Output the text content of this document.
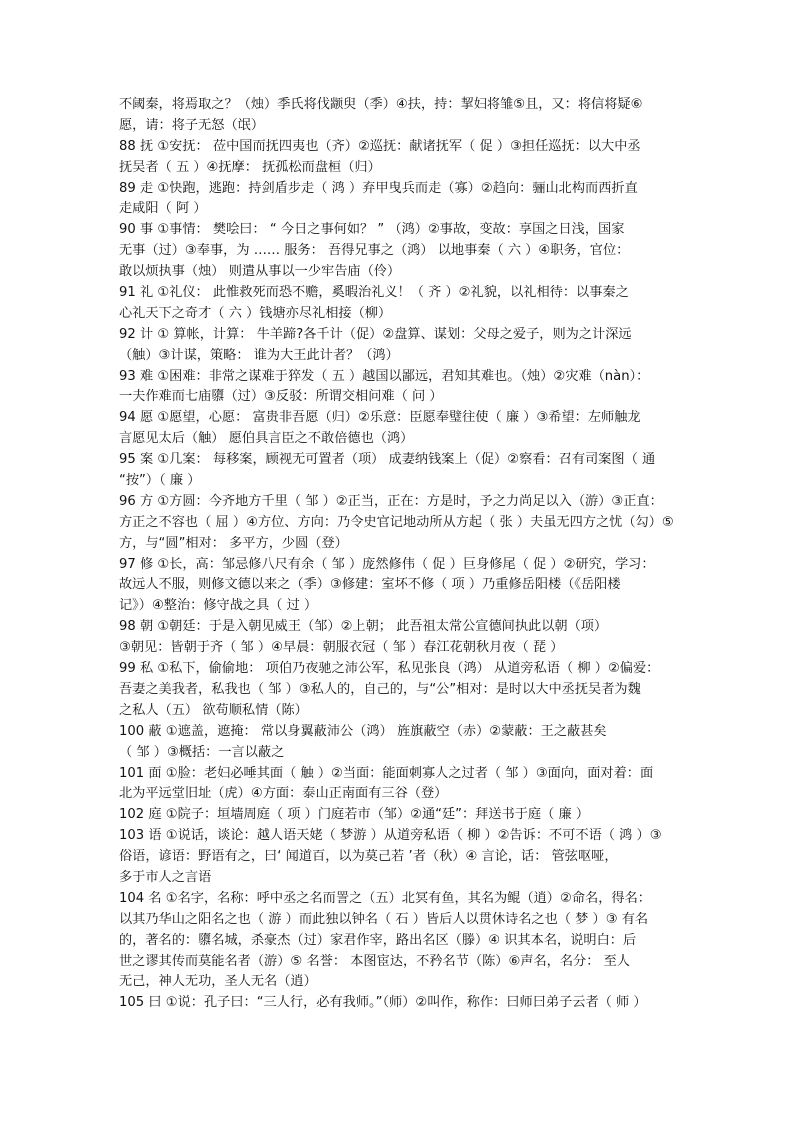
不阈秦，将焉取之？（烛）季氏将伐颛臾（季）④扶，持：挈妇将雏⑤且，又：将信将疑⑥
愿，请：将子无怒（氓）
88 抚 ①安抚： 莅中国而抚四夷也（齐）②巡抚：献诸抚军（ 促 ）③担任巡抚：以大中丞
抚吴者（ 五 ）④抚摩： 抚孤松而盘桓（归）
89 走 ①快跑，逃跑：持剑盾步走（ 鸿 ）弃甲曳兵而走（寡）②趋向：骊山北构而西折直
走咸阳（ 阿 ）
90 事 ①事情： 樊哙曰： “ 今日之事何如？ ” （鸿）②事故，变故：享国之日浅，国家
无事（过）③奉事，为 …… 服务： 吾得兄事之（鸿） 以地事秦（ 六 ）④职务，官位：
敢以烦执事（烛） 则遣从事以一少牢告庙（伶）
91 礼 ①礼仪： 此惟救死而恐不赡，奚暇治礼义！（ 齐 ）②礼貌，以礼相待：以事秦之
心礼天下之奇才（ 六 ）钱塘亦尽礼相接（柳）
92 计 ① 算帐，计算： 牛羊蹄?各千计（促）②盘算、谋划：父母之爱子，则为之计深远
（触）③计谋，策略： 谁为大王此计者？（鸿）
93 难 ①困难：非常之谋难于猝发（ 五 ）越国以鄙远，君知其难也。（烛）②灾难（nàn）：
一夫作难而七庙隳（过）③反驳：所谓交相问难（ 问 ）
94 愿 ①愿望，心愿： 富贵非吾愿（归）②乐意：臣愿奉璧往使（ 廉 ）③希望：左师触龙
言愿见太后（触） 愿伯具言臣之不敢倍德也（鸿）
95 案 ①几案： 每移案，顾视无可置者（项） 成妻纳钱案上（促）②察看：召有司案图（ 通
“按”）（ 廉 ）
96 方 ①方圆：今齐地方千里（ 邹 ）②正当，正在：方是时，予之力尚足以入（游）③正直：
方正之不容也（ 屈 ）④方位、方向：乃令史官记地动所从方起（ 张 ）夫虽无四方之忧（勾）⑤
方，与“圆”相对： 多平方，少圆（登）
97 修 ①长，高：邹忌修八尺有余（ 邹 ）庞然修伟（ 促 ）巨身修尾（ 促 ）②研究，学习：
故远人不服，则修文德以来之（季）③修建：室坏不修（ 项 ）乃重修岳阳楼（《岳阳楼
记》）④整治：修守战之具（ 过 ）
98 朝 ①朝廷：于是入朝见威王（邹）②上朝； 此吾祖太常公宣德间执此以朝（项）
③朝见：皆朝于齐（ 邹 ）④早晨：朝服衣冠（ 邹 ）春江花朝秋月夜（ 琵 ）
99 私 ①私下，偷偷地： 项伯乃夜驰之沛公军，私见张良（鸿） 从道旁私语（ 柳 ）②偏爱：
吾妻之美我者，私我也（ 邹 ）③私人的，自己的，与“公”相对：是时以大中丞抚吴者为魏
之私人（五） 欲苟顺私情（陈）
100 蔽 ①遮盖，遮掩： 常以身翼蔽沛公（鸿） 旌旗蔽空（赤）②蒙蔽：王之蔽甚矣
（ 邹 ）③概括：一言以蔽之
101 面 ①脸：老妇必唾其面（ 触 ）②当面：能面刺寡人之过者（ 邹 ）③面向，面对着：面
北为平远堂旧址（虎）④方面：泰山正南面有三谷（登）
102 庭 ①院子：垣墙周庭（ 项 ）门庭若市（邹）②通“廷”：拜送书于庭（ 廉 ）
103 语 ①说话，谈论：越人语天姥（ 梦游 ）从道旁私语（ 柳 ）②告诉：不可不语（ 鸿 ）③
俗语，谚语：野语有之，曰‘ 闻道百，以为莫己若 ’者（秋）④ 言论，话： 管弦呕哑，
多于市人之言语
104 名 ①名字，名称：呼中丞之名而詈之（五）北冥有鱼，其名为鲲（逍）②命名，得名：
以其乃华山之阳名之也（ 游 ）而此独以钟名（ 石 ）皆后人以贯休诗名之也（ 梦 ）③ 有名
的，著名的：隳名城，杀豪杰（过）家君作宰，路出名区（滕）④ 识其本名，说明白：后
世之谬其传而莫能名者（游）⑤ 名誉： 本图宦达，不矜名节（陈）⑥声名，名分： 至人
无己，神人无功，圣人无名（逍）
105 曰 ①说：孔子曰：“三人行，必有我师。”（师）②叫作，称作：曰师曰弟子云者（ 师 ）
